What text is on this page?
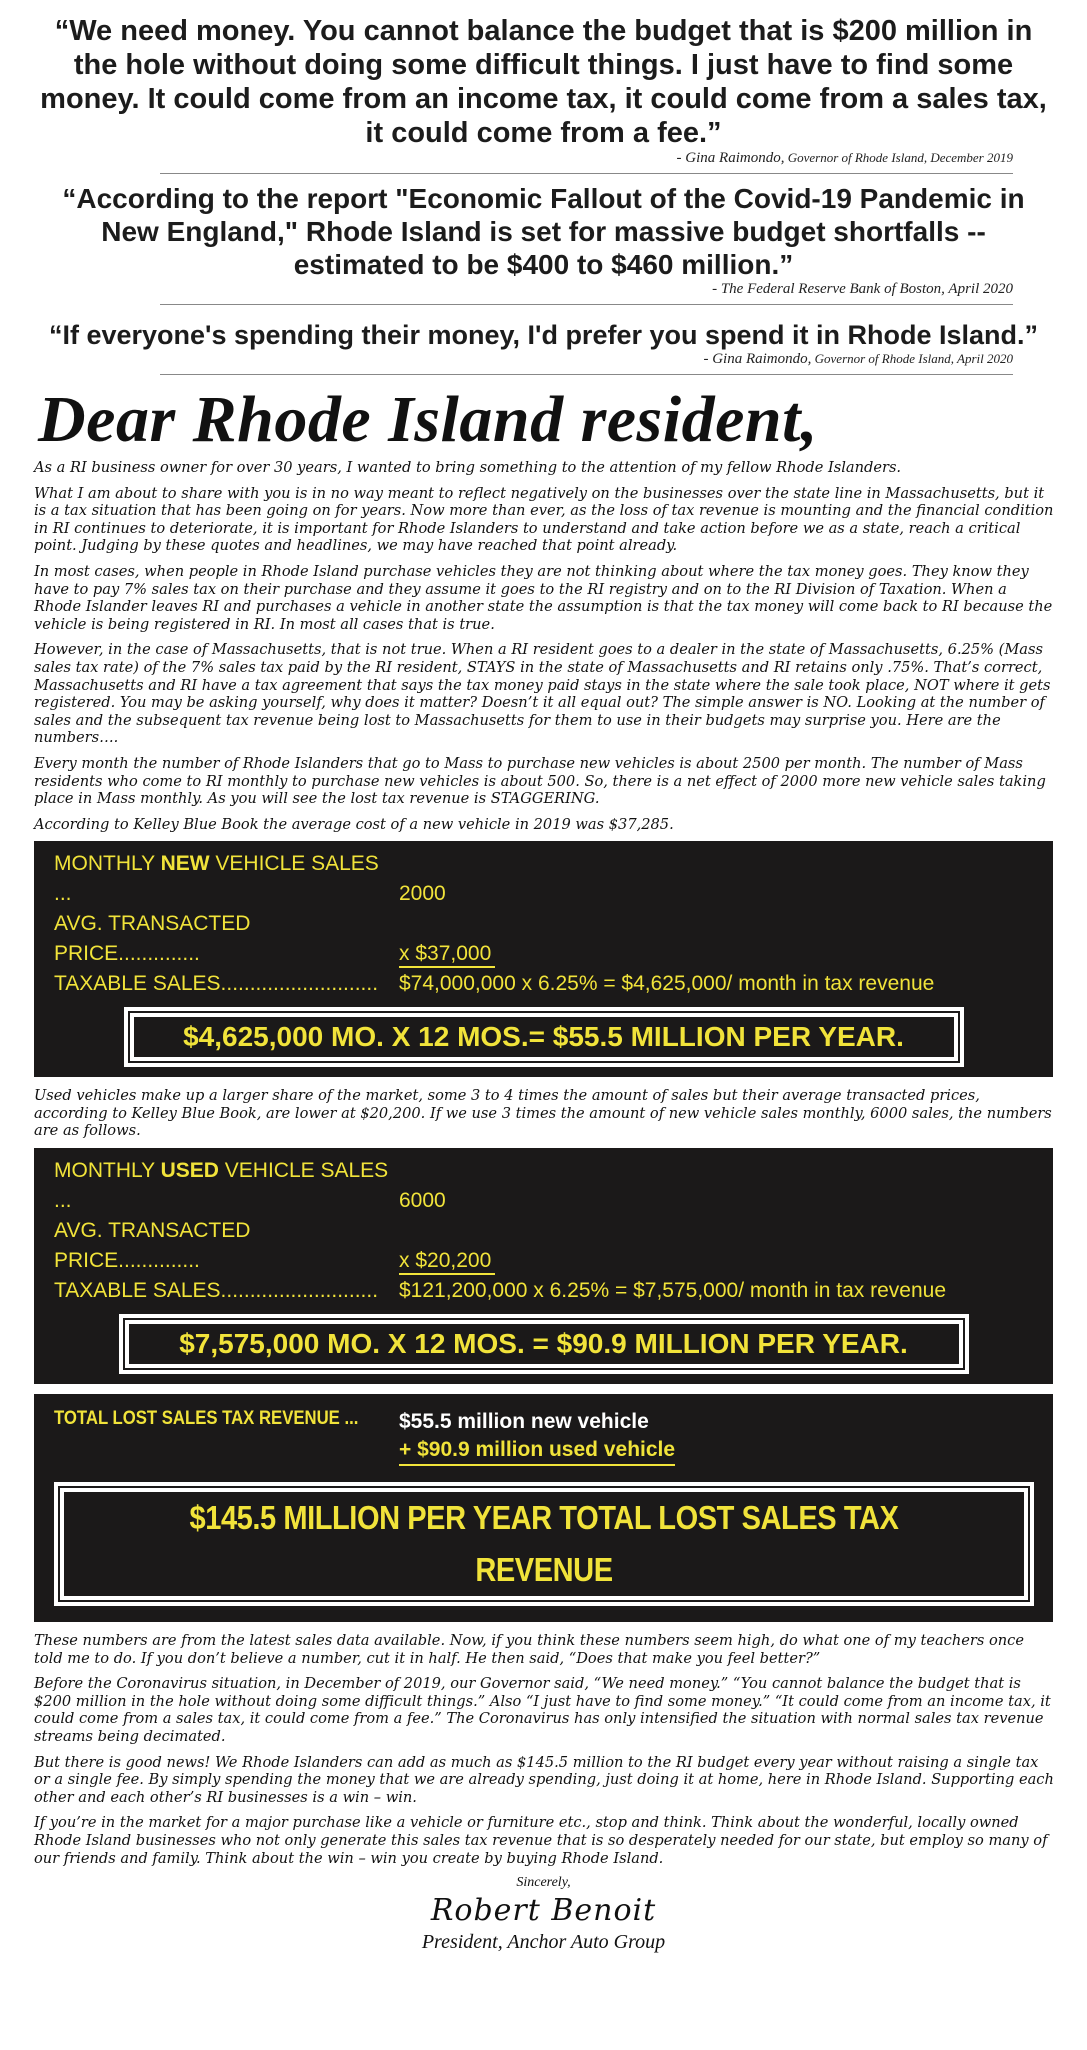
“We need money. You cannot balance the budget that is $200 million in the hole without doing some difficult things. I just have to find some money. It could come from an income tax, it could come from a sales tax, it could come from a fee.”
- Gina Raimondo, Governor of Rhode Island, December 2019
“According to the report "Economic Fallout of the Covid-19 Pandemic in New England," Rhode Island is set for massive budget shortfalls -- estimated to be $400 to $460 million.”
- The Federal Reserve Bank of Boston, April 2020
“If everyone's spending their money, I'd prefer you spend it in Rhode Island.”
- Gina Raimondo, Governor of Rhode Island, April 2020
Dear Rhode Island resident,

As a RI business owner for over 30 years, I wanted to bring something to the attention of my fellow Rhode Islanders.

What I am about to share with you is in no way meant to reflect negatively on the businesses over the state line in Massachusetts, but it is a tax situation that has been going on for years. Now more than ever, as the loss of tax revenue is mounting and the financial condition in RI continues to deteriorate, it is important for Rhode Islanders to understand and take action before we as a state, reach a critical point. Judging by these quotes and headlines, we may have reached that point already.

In most cases, when people in Rhode Island purchase vehicles they are not thinking about where the tax money goes. They know they have to pay 7% sales tax on their purchase and they assume it goes to the RI registry and on to the RI Division of Taxation. When a Rhode Islander leaves RI and purchases a vehicle in another state the assumption is that the tax money will come back to RI because the vehicle is being registered in RI. In most all cases that is true.

However, in the case of Massachusetts, that is not true. When a RI resident goes to a dealer in the state of Massachusetts, 6.25% (Mass sales tax rate) of the 7% sales tax paid by the RI resident, STAYS in the state of Massachusetts and RI retains only .75%. That’s correct, Massachusetts and RI have a tax agreement that says the tax money paid stays in the state where the sale took place, NOT where it gets registered. You may be asking yourself, why does it matter? Doesn’t it all equal out? The simple answer is NO. Looking at the number of sales and the subsequent tax revenue being lost to Massachusetts for them to use in their budgets may surprise you. Here are the numbers….

Every month the number of Rhode Islanders that go to Mass to purchase new vehicles is about 2500 per month. The number of Mass residents who come to RI monthly to purchase new vehicles is about 500. So, there is a net effect of 2000 more new vehicle sales taking place in Mass monthly. As you will see the lost tax revenue is STAGGERING.

According to Kelley Blue Book the average cost of a new vehicle in 2019 was $37,285.

MONTHLY NEW VEHICLE SALES ...	2000
AVG. TRANSACTED PRICE..............	x $37,000
TAXABLE SALES........................... $74,000,000 x 6.25% = $4,625,000/ month in tax revenue
$4,625,000 MO. X 12 MOS.= $55.5 MILLION PER YEAR.

Used vehicles make up a larger share of the market, some 3 to 4 times the amount of sales but their average transacted prices, according to Kelley Blue Book, are lower at $20,200. If we use 3 times the amount of new vehicle sales monthly, 6000 sales, the numbers are as follows.

MONTHLY USED VEHICLE SALES ...	6000
AVG. TRANSACTED PRICE..............	x $20,200
TAXABLE SALES........................... $121,200,000 x 6.25% = $7,575,000/ month in tax revenue
$7,575,000 MO. X 12 MOS. = $90.9 MILLION PER YEAR.
TOTAL LOST SALES TAX REVENUE ... $55.5 million new vehicle
+ $90.9 million used vehicle
$145.5 MILLION PER YEAR TOTAL LOST SALES TAX REVENUE

These numbers are from the latest sales data available. Now, if you think these numbers seem high, do what one of my teachers once told me to do. If you don’t believe a number, cut it in half. He then said, “Does that make you feel better?”

Before the Coronavirus situation, in December of 2019, our Governor said, “We need money.” “You cannot balance the budget that is $200 million in the hole without doing some difficult things.” Also “I just have to find some money.” “It could come from an income tax, it could come from a sales tax, it could come from a fee.” The Coronavirus has only intensified the situation with normal sales tax revenue streams being decimated.

But there is good news! We Rhode Islanders can add as much as $145.5 million to the RI budget every year without raising a single tax or a single fee. By simply spending the money that we are already spending, just doing it at home, here in Rhode Island. Supporting each other and each other’s RI businesses is a win – win.

If you’re in the market for a major purchase like a vehicle or furniture etc., stop and think. Think about the wonderful, locally owned Rhode Island businesses who not only generate this sales tax revenue that is so desperately needed for our state, but employ so many of our friends and family. Think about the win – win you create by buying Rhode Island.

Sincerely,
Robert Benoit
President, Anchor Auto Group
